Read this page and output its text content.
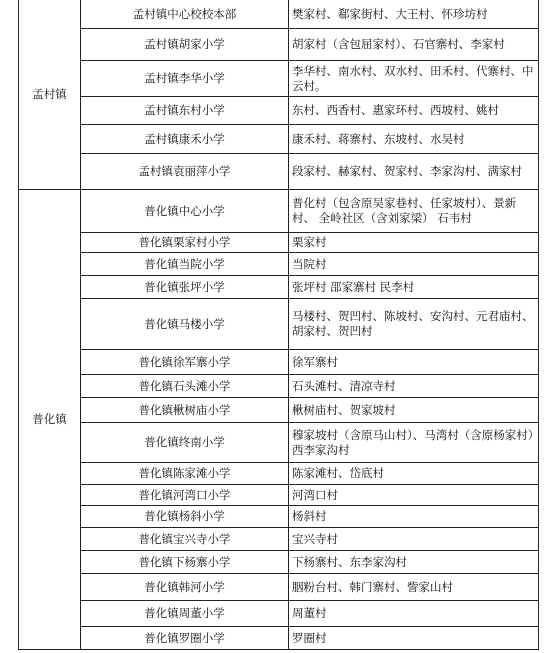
孟村镇	孟村镇中心校校本部	樊家村、郗家街村、大王村、怀珍坊村
	孟村镇胡家小学	胡家村（含包屈家村）、石官寨村、李家村
	孟村镇李华小学	李华村、南水村、双水村、田禾村、代寨村、中云村。
	孟村镇东村小学	东村、西香村、惠家环村、西坡村、姚村
	孟村镇康禾小学	康禾村、蒋寨村、东坡村、水吴村
	孟村镇袁丽萍小学	段家村、赫家村、贺家村、李家沟村、满家村
普化镇	普化镇中心小学	普化村（包含原吴家巷村、任家坡村）、景新村、 全岭社区（含刘家梁） 石韦村
	普化镇栗家村小学	栗家村
	普化镇当院小学	当院村
	普化镇张坪小学	张坪村 邵家寨村 民李村
	普化镇马楼小学	马楼村、贺凹村、陈坡村、安沟村、元君庙村、胡家村、贺凹村
	普化镇徐军寨小学	徐军寨村
	普化镇石头滩小学	石头滩村、清凉寺村
	普化镇楸树庙小学	楸树庙村、贺家坡村
	普化镇终南小学	穆家坡村（含原马山村）、马湾村（含原杨家村）西李家沟村
	普化镇陈家滩小学	陈家滩村、岱底村
	普化镇河湾口小学	河湾口村
	普化镇杨斜小学	杨斜村
	普化镇宝兴寺小学	宝兴寺村
	普化镇下杨寨小学	下杨寨村、东李家沟村
	普化镇韩河小学	胭粉台村、韩门寨村、訾家山村
	普化镇周董小学	周董村
	普化镇罗圈小学	罗圈村
